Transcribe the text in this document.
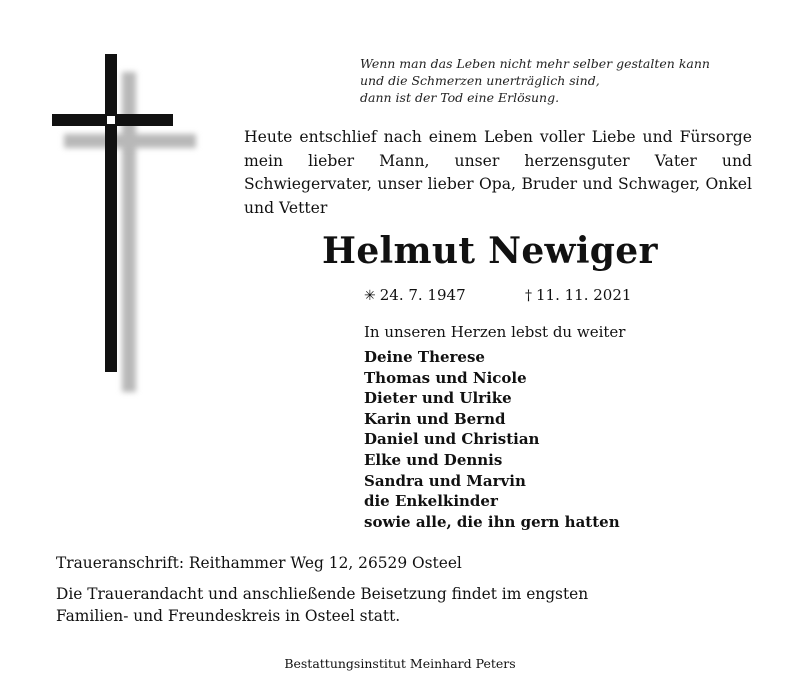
Wenn man das Leben nicht mehr selber gestalten kann
und die Schmerzen unerträglich sind,
dann ist der Tod eine Erlösung.
Heute entschlief nach einem Leben voller Liebe und Fürsorge mein lieber Mann, unser herzensguter Vater und Schwiegervater, unser lieber Opa, Bruder und Schwager, Onkel und Vetter
Helmut Newiger
✳ 24. 7. 1947	† 11. 11. 2021
In unseren Herzen lebst du weiter
Deine Therese
Thomas und Nicole
Dieter und Ulrike
Karin und Bernd
Daniel und Christian
Elke und Dennis
Sandra und Marvin
die Enkelkinder
sowie alle, die ihn gern hatten
Traueranschrift: Reithammer Weg 12, 26529 Osteel
Die Trauerandacht und anschließende Beisetzung findet im engsten
Familien- und Freundeskreis in Osteel statt.
Bestattungsinstitut Meinhard Peters
